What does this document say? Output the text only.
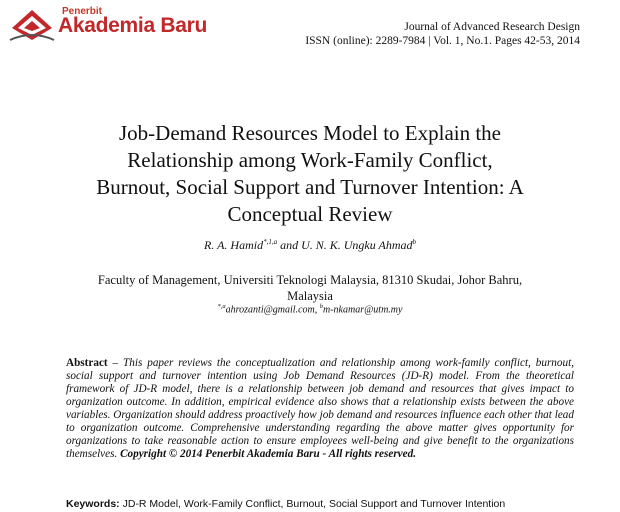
Penerbit
Akademia Baru	Journal of Advanced Research Design
ISSN (online): 2289-7984 | Vol. 1, No.1. Pages 42-53, 2014
Job-Demand Resources Model to Explain the
Relationship among Work-Family Conflict,
Burnout, Social Support and Turnover Intention: A
Conceptual Review
R. A. Hamid$^{*,1,a}$ and U. N. K. Ungku Ahmad$^b$
Faculty of Management, Universiti Teknologi Malaysia, 81310 Skudai, Johor Bahru,
Malaysia
$^{*,a}$ahrozanti@gmail.com, $^b$m-nkamar@utm.my
Abstract – This paper reviews the conceptualization and relationship among work-family conflict, burnout, social support and turnover intention using Job Demand Resources (JD-R) model. From the theoretical framework of JD-R model, there is a relationship between job demand and resources that gives impact to organization outcome. In addition, empirical evidence also shows that a relationship exists between the above variables. Organization should address proactively how job demand and resources influence each other that lead to organization outcome. Comprehensive understanding regarding the above matter gives opportunity for organizations to take reasonable action to ensure employees well-being and give benefit to the organizations themselves. Copyright © 2014 Penerbit Akademia Baru - All rights reserved.
Keywords: JD-R Model, Work-Family Conflict, Burnout, Social Support and Turnover Intention
